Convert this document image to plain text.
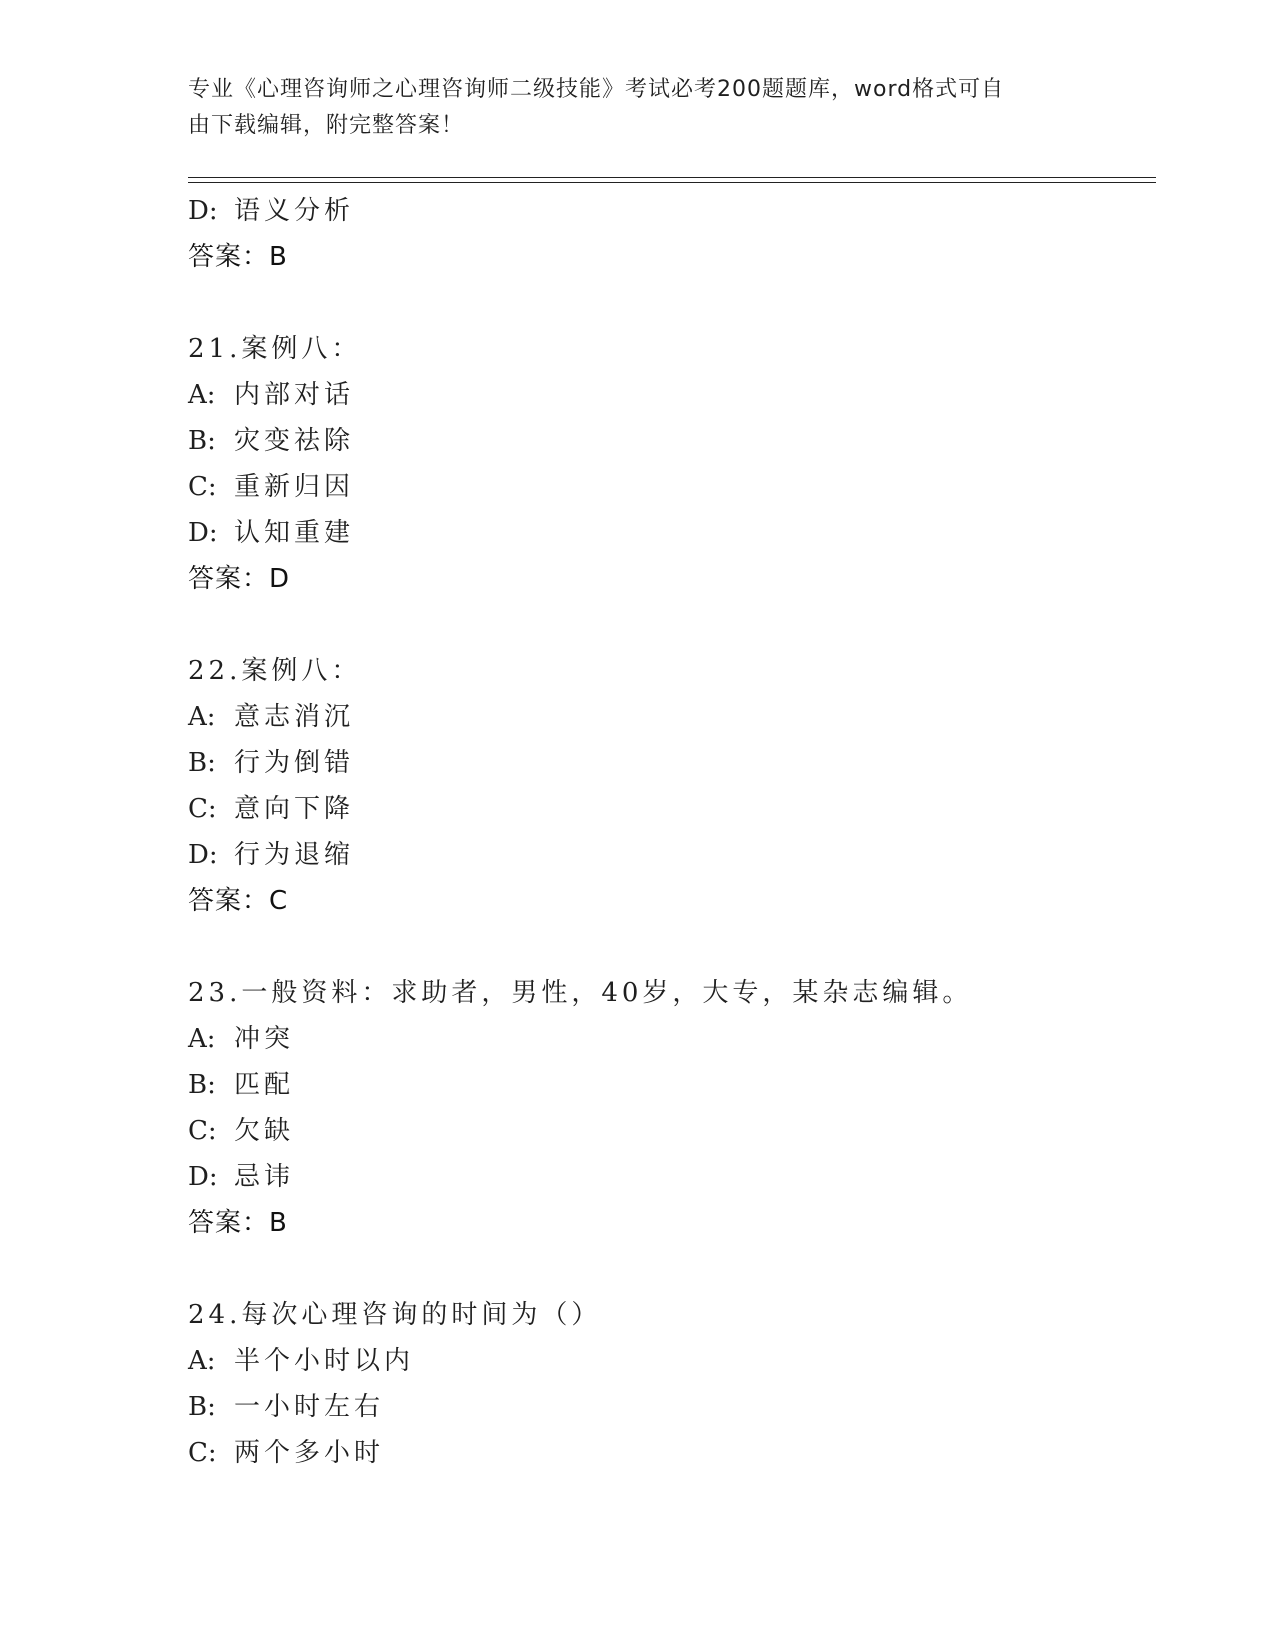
专业《心理咨询师之心理咨询师二级技能》考试必考200题题库，word格式可自
由下载编辑，附完整答案！
D: 语义分析
答案：B
21.案例八：
A: 内部对话
B: 灾变祛除
C: 重新归因
D: 认知重建
答案：D
22.案例八：
A: 意志消沉
B: 行为倒错
C: 意向下降
D: 行为退缩
答案：C
23.一般资料：求助者，男性，40岁，大专，某杂志编辑。
A: 冲突
B: 匹配
C: 欠缺
D: 忌讳
答案：B
24.每次心理咨询的时间为（）
A: 半个小时以内
B: 一小时左右
C: 两个多小时
